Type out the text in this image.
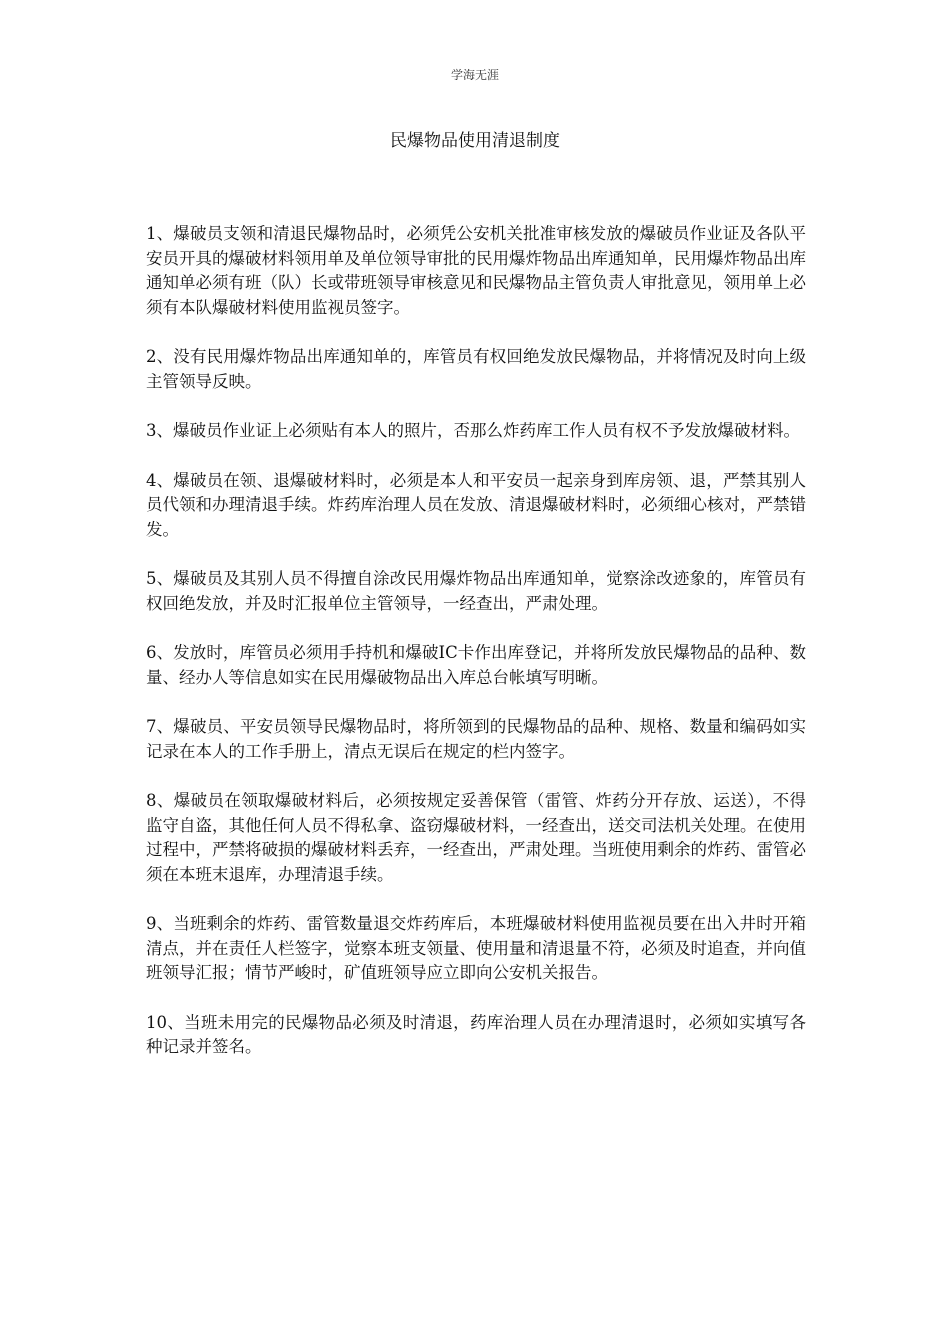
学海无涯
民爆物品使用清退制度

1、爆破员支领和清退民爆物品时，必须凭公安机关批准审核发放的爆破员作业证及各队平安员开具的爆破材料领用单及单位领导审批的民用爆炸物品出库通知单，民用爆炸物品出库通知单必须有班（队）长或带班领导审核意见和民爆物品主管负责人审批意见，领用单上必须有本队爆破材料使用监视员签字。

2、没有民用爆炸物品出库通知单的，库管员有权回绝发放民爆物品，并将情况及时向上级主管领导反映。

3、爆破员作业证上必须贴有本人的照片，否那么炸药库工作人员有权不予发放爆破材料。

4、爆破员在领、退爆破材料时，必须是本人和平安员一起亲身到库房领、退，严禁其别人员代领和办理清退手续。炸药库治理人员在发放、清退爆破材料时，必须细心核对，严禁错发。

5、爆破员及其别人员不得擅自涂改民用爆炸物品出库通知单，觉察涂改迹象的，库管员有权回绝发放，并及时汇报单位主管领导，一经查出，严肃处理。

6、发放时，库管员必须用手持机和爆破IC卡作出库登记，并将所发放民爆物品的品种、数量、经办人等信息如实在民用爆破物品出入库总台帐填写明晰。

7、爆破员、平安员领导民爆物品时，将所领到的民爆物品的品种、规格、数量和编码如实记录在本人的工作手册上，清点无误后在规定的栏内签字。

8、爆破员在领取爆破材料后，必须按规定妥善保管（雷管、炸药分开存放、运送），不得监守自盗，其他任何人员不得私拿、盗窃爆破材料，一经查出，送交司法机关处理。在使用过程中，严禁将破损的爆破材料丢弃，一经查出，严肃处理。当班使用剩余的炸药、雷管必须在本班末退库，办理清退手续。

9、当班剩余的炸药、雷管数量退交炸药库后，本班爆破材料使用监视员要在出入井时开箱清点，并在责任人栏签字，觉察本班支领量、使用量和清退量不符，必须及时追查，并向值班领导汇报；情节严峻时，矿值班领导应立即向公安机关报告。

10、当班未用完的民爆物品必须及时清退，药库治理人员在办理清退时，必须如实填写各种记录并签名。
